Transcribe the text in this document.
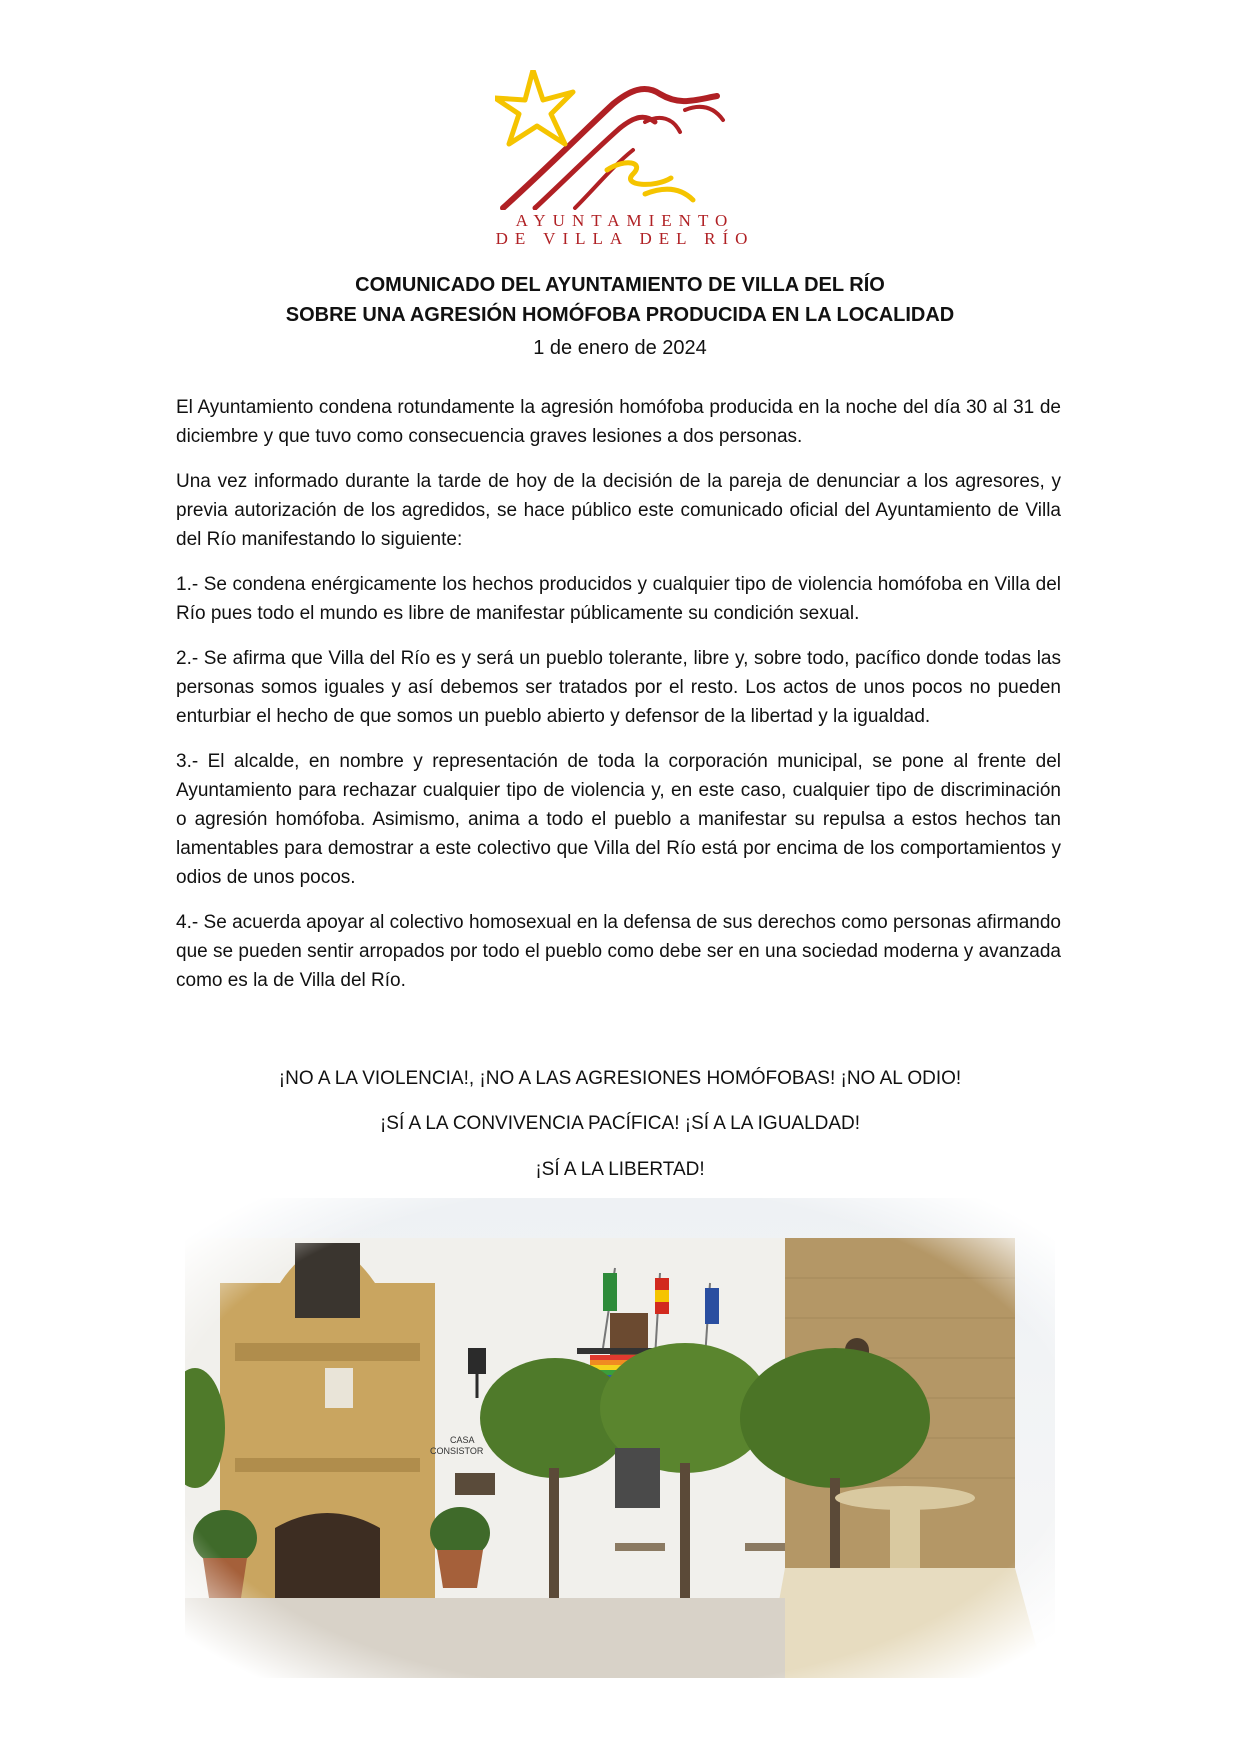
AYUNTAMIENTO
DE VILLA DEL RÍO
COMUNICADO DEL AYUNTAMIENTO DE VILLA DEL RÍO
SOBRE UNA AGRESIÓN HOMÓFOBA PRODUCIDA EN LA LOCALIDAD
1 de enero de 2024

El Ayuntamiento condena rotundamente la agresión homófoba producida en la noche del día 30 al 31 de diciembre y que tuvo como consecuencia graves lesiones a dos personas.

Una vez informado durante la tarde de hoy de la decisión de la pareja de denunciar a los agresores, y previa autorización de los agredidos, se hace público este comunicado oficial del Ayuntamiento de Villa del Río manifestando lo siguiente:

1.- Se condena enérgicamente los hechos producidos y cualquier tipo de violencia homófoba en Villa del Río pues todo el mundo es libre de manifestar públicamente su condición sexual.

2.- Se afirma que Villa del Río es y será un pueblo tolerante, libre y, sobre todo, pacífico donde todas las personas somos iguales y así debemos ser tratados por el resto. Los actos de unos pocos no pueden enturbiar el hecho de que somos un pueblo abierto y defensor de la libertad y la igualdad.

3.- El alcalde, en nombre y representación de toda la corporación municipal, se pone al frente del Ayuntamiento para rechazar cualquier tipo de violencia y, en este caso, cualquier tipo de discriminación o agresión homófoba. Asimismo, anima a todo el pueblo a manifestar su repulsa a estos hechos tan lamentables para demostrar a este colectivo que Villa del Río está por encima de los comportamientos y odios de unos pocos.

4.- Se acuerda apoyar al colectivo homosexual en la defensa de sus derechos como personas afirmando que se pueden sentir arropados por todo el pueblo como debe ser en una sociedad moderna y avanzada como es la de Villa del Río.

¡NO A LA VIOLENCIA!, ¡NO A LAS AGRESIONES HOMÓFOBAS! ¡NO AL ODIO!
¡SÍ A LA CONVIVENCIA PACÍFICA! ¡SÍ A LA IGUALDAD!
¡SÍ A LA LIBERTAD!
